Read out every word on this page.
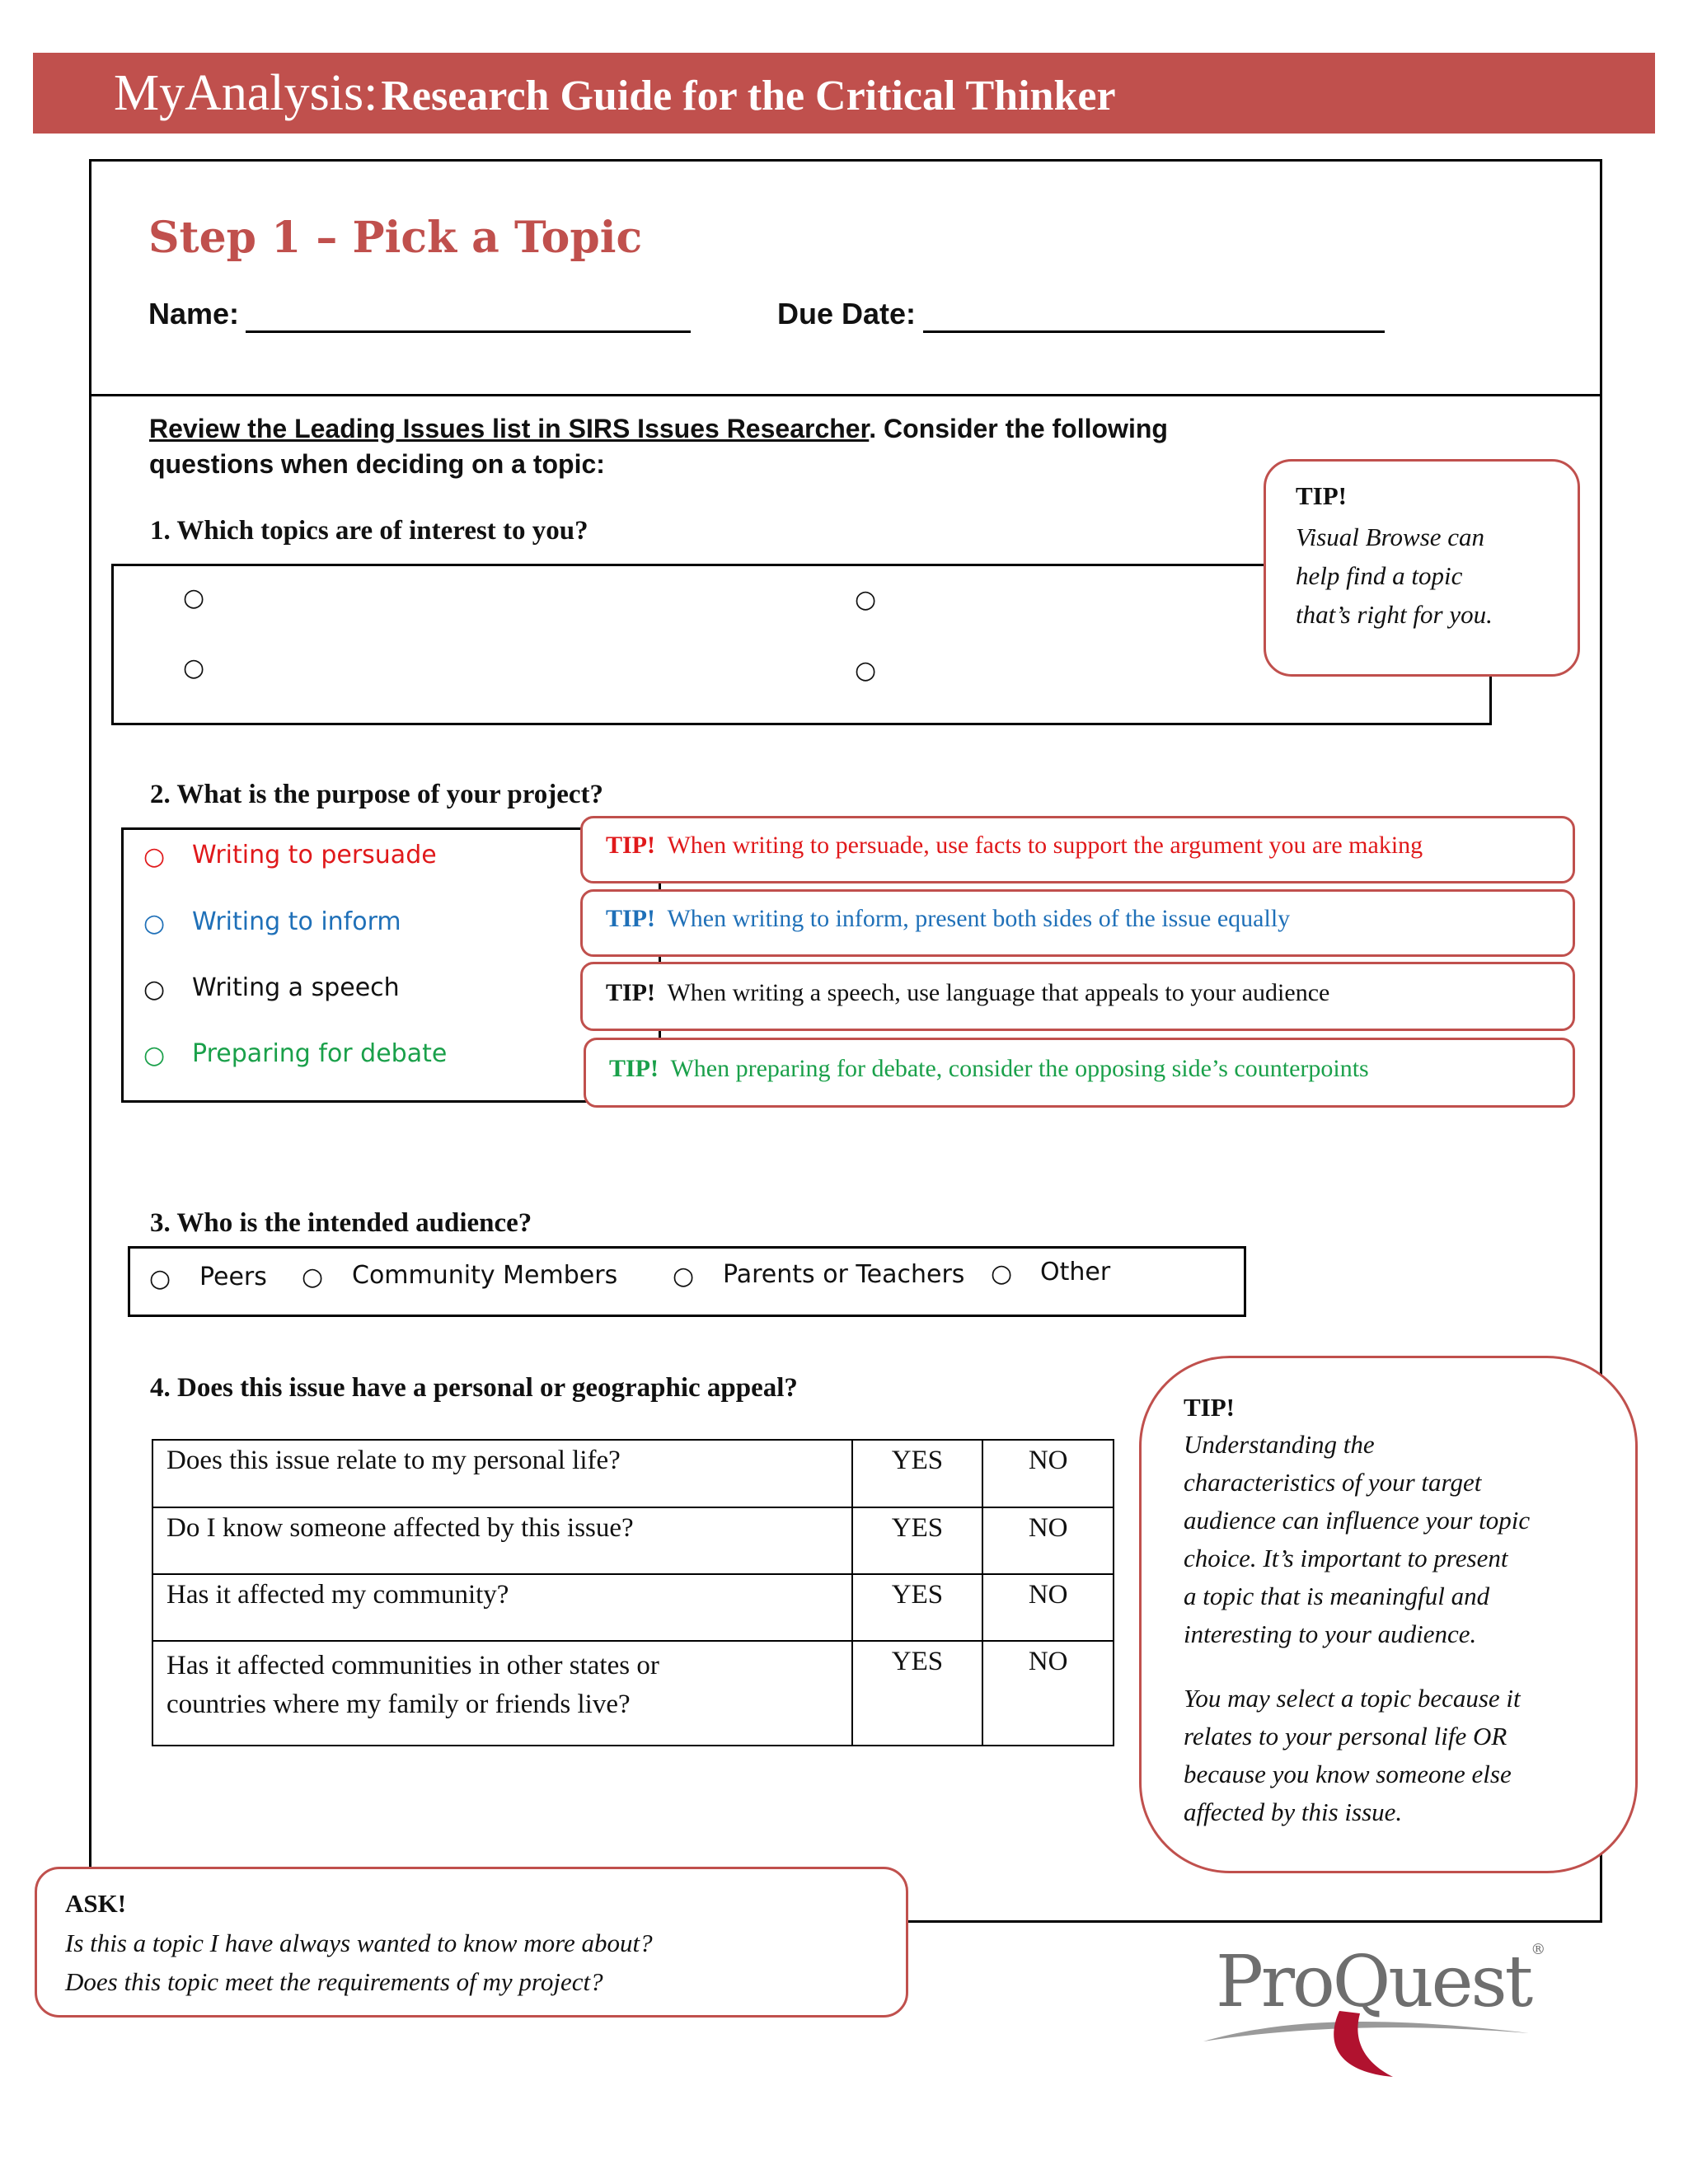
MyAnalysis: Research Guide for the Critical Thinker
Step 1 – Pick a Topic
Name:	Due Date:
Review the Leading Issues list in SIRS Issues Researcher. Consider the following
questions when deciding on a topic:
1. Which topics are of interest to you?
○	○
○	○
TIP!
Visual Browse can
help find a topic
that’s right for you.
2. What is the purpose of your project?
○ Writing to persuade
○ Writing to inform
○ Writing a speech
○ Preparing for debate
TIP! When writing to persuade, use facts to support the argument you are making
TIP! When writing to inform, present both sides of the issue equally
TIP! When writing a speech, use language that appeals to your audience
TIP! When preparing for debate, consider the opposing side’s counterpoints
3. Who is the intended audience?
○ Peers ○ Community Members ○ Parents or Teachers ○ Other
4. Does this issue have a personal or geographic appeal?
Does this issue relate to my personal life?	YES	NO
Do I know someone affected by this issue?	YES	NO
Has it affected my community?	YES	NO
Has it affected communities in other states or countries where my family or friends live?	YES	NO
TIP!
Understanding the
characteristics of your target
audience can influence your topic
choice. It’s important to present
a topic that is meaningful and
interesting to your audience.
You may select a topic because it
relates to your personal life OR
because you know someone else
affected by this issue.
ASK!
Is this a topic I have always wanted to know more about?
Does this topic meet the requirements of my project?	ProQuest®
